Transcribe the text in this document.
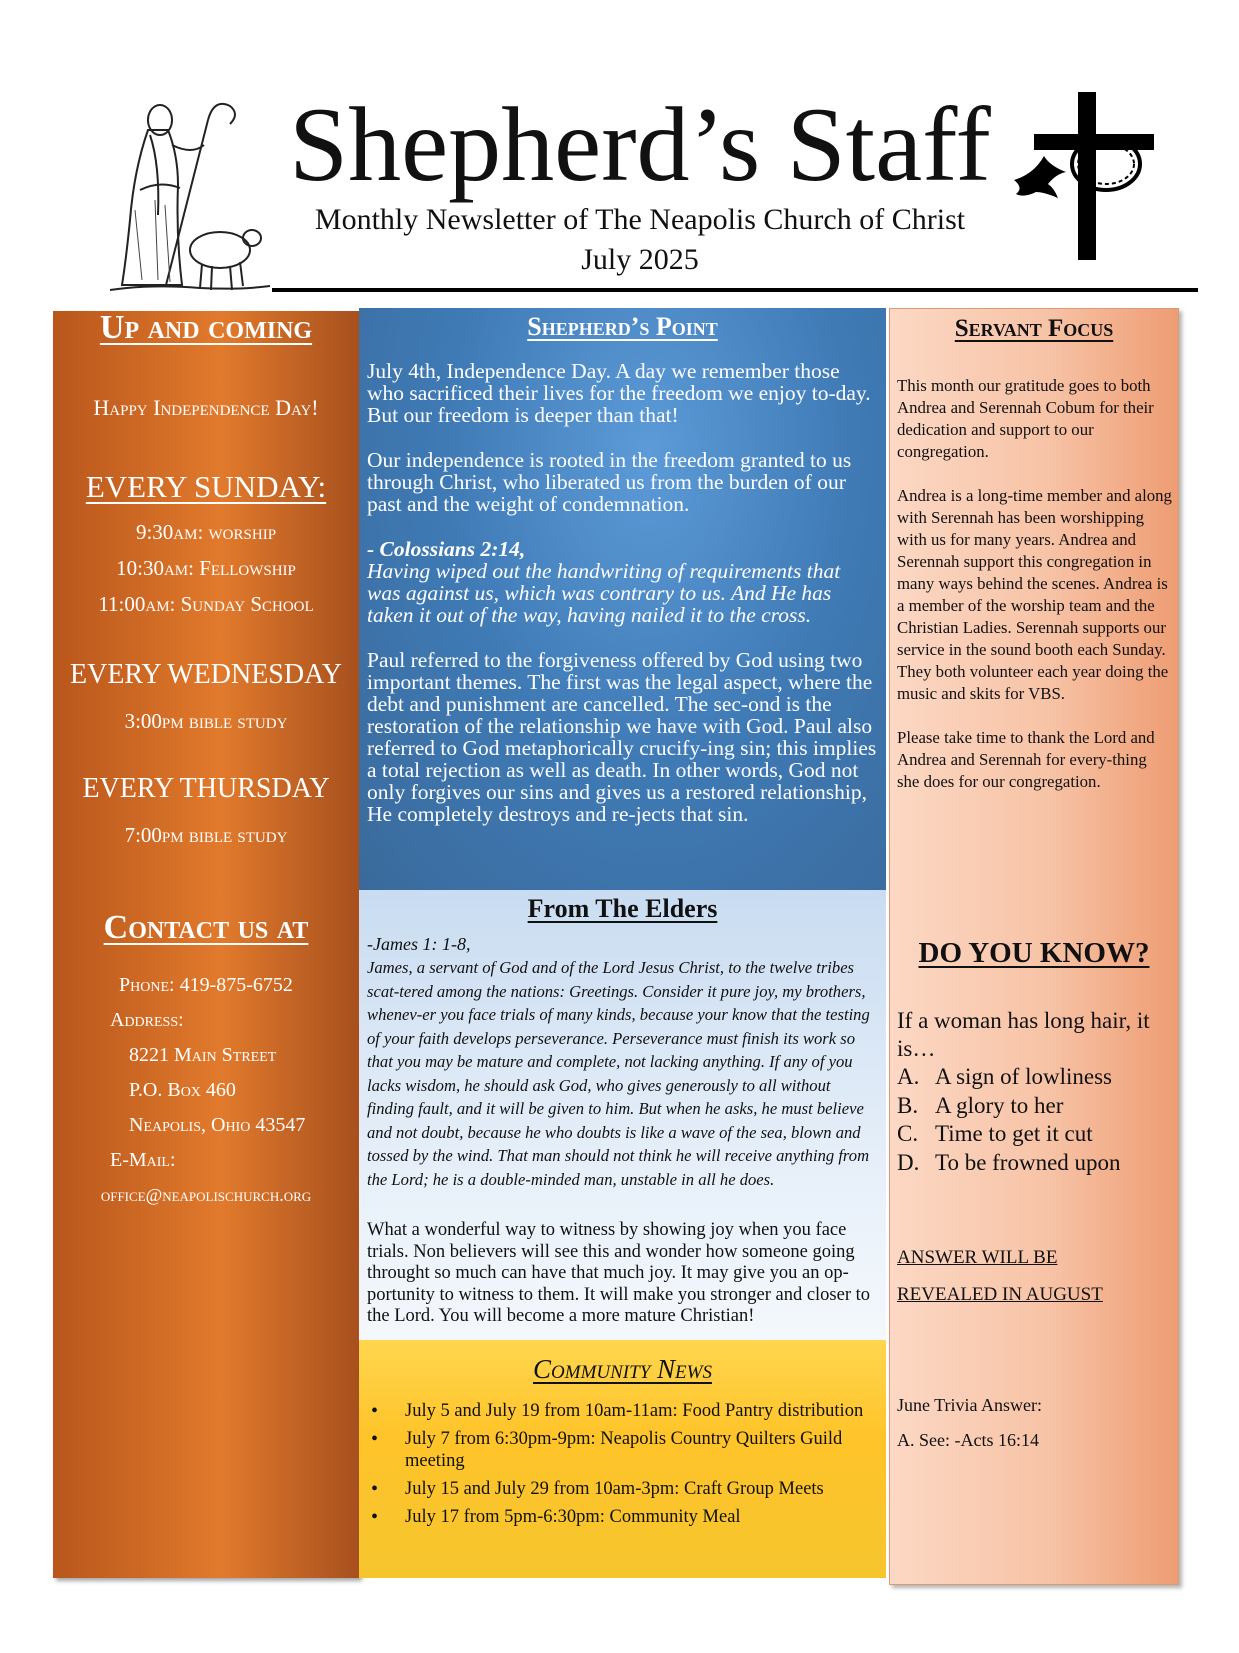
Shepherd’s Staff
Monthly Newsletter of The Neapolis Church of Christ
July 2025
Up and coming
Happy Independence Day!
EVERY SUNDAY:
9:30am: worship
10:30am: Fellowship
11:00am: Sunday School
EVERY WEDNESDAY
3:00pm bible study
EVERY THURSDAY
7:00pm bible study
Contact us at
Phone: 419-875-6752
Address:
8221 Main Street
P.O. Box 460
Neapolis, Ohio 43547
E-Mail:
office@neapolischurch.org
Shepherd’s Point

July 4th, Independence Day. A day we remember those who sacrificed their lives for the freedom we enjoy to-day. But our freedom is deeper than that!

Our independence is rooted in the freedom granted to us through Christ, who liberated us from the burden of our past and the weight of condemnation.

- Colossians 2:14,

Having wiped out the handwriting of requirements that was against us, which was contrary to us. And He has taken it out of the way, having nailed it to the cross.

Paul referred to the forgiveness offered by God using two important themes. The first was the legal aspect, where the debt and punishment are cancelled. The sec-ond is the restoration of the relationship we have with God. Paul also referred to God metaphorically crucify-ing sin; this implies a total rejection as well as death. In other words, God not only forgives our sins and gives us a restored relationship, He completely destroys and re-jects that sin.

From The Elders
-James 1: 1-8,
James, a servant of God and of the Lord Jesus Christ, to the twelve tribes scat-tered among the nations: Greetings. Consider it pure joy, my brothers, whenev-er you face trials of many kinds, because your know that the testing of your faith develops perseverance. Perseverance must finish its work so that you may be mature and complete, not lacking anything. If any of you lacks wisdom, he should ask God, who gives generously to all without finding fault, and it will be given to him. But when he asks, he must believe and not doubt, because he who doubts is like a wave of the sea, blown and tossed by the wind. That man should not think he will receive anything from the Lord; he is a double-minded man, unstable in all he does.
What a wonderful way to witness by showing joy when you face trials. Non believers will see this and wonder how someone going throught so much can have that much joy. It may give you an op-portunity to witness to them. It will make you stronger and closer to the Lord. You will become a more mature Christian!
Community News
• July 5 and July 19 from 10am-11am: Food Pantry distribution
• July 7 from 6:30pm-9pm: Neapolis Country Quilters Guild meeting
• July 15 and July 29 from 10am-3pm: Craft Group Meets
• July 17 from 5pm-6:30pm: Community Meal
Servant Focus

This month our gratitude goes to both Andrea and Serennah Cobum for their dedication and support to our congregation.

Andrea is a long-time member and along with Serennah has been worshipping with us for many years. Andrea and Serennah support this congregation in many ways behind the scenes. Andrea is a member of the worship team and the Christian Ladies. Serennah supports our service in the sound booth each Sunday. They both volunteer each year doing the music and skits for VBS.

Please take time to thank the Lord and Andrea and Serennah for every-thing she does for our congregation.

DO YOU KNOW?
If a woman has long hair, it is…
A. A sign of lowliness
B. A glory to her
C. Time to get it cut
D. To be frowned upon
ANSWER WILL BE
REVEALED IN AUGUST
June Trivia Answer:
A. See: -Acts 16:14
